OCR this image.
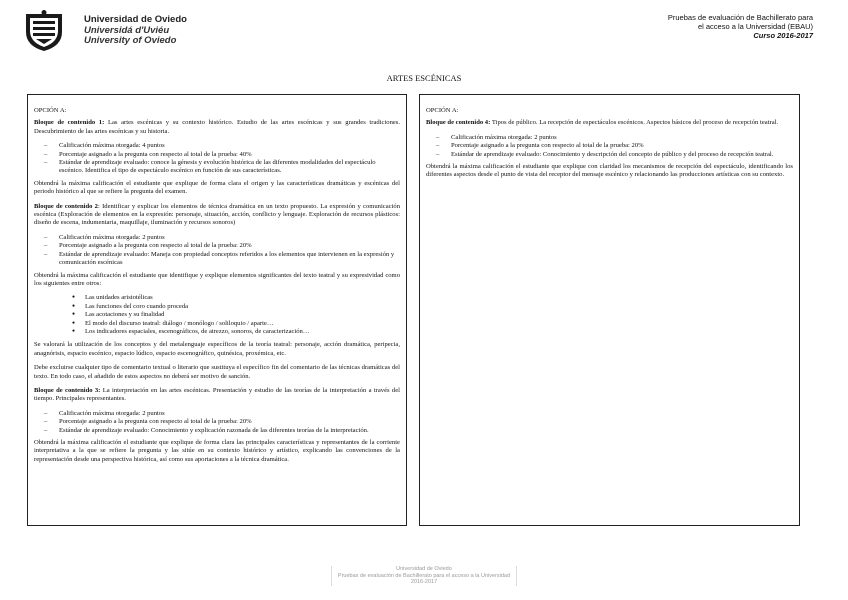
Universidad de Oviedo
Universidá d'Uviéu
University of Oviedo
Pruebas de evaluación de Bachillerato para
el acceso a la Universidad (EBAU)
Curso 2016-2017
ARTES ESCÉNICAS
OPCIÓN A:
Bloque de contenido 1: Las artes escénicas y su contexto histórico. Estudio de las artes escénicas y sus grandes tradiciones. Descubrimiento de las artes escénicas y su historia.
– Calificación máxima otorgada: 4 puntos
– Porcentaje asignado a la pregunta con respecto al total de la prueba: 40%
– Estándar de aprendizaje evaluado: conoce la génesis y evolución histórica de las diferentes modalidades del espectáculo escénico. Identifica el tipo de espectáculo escénico en función de sus características.
Obtendrá la máxima calificación el estudiante que explique de forma clara el origen y las características dramáticas y escénicas del periodo histórico al que se refiere la pregunta del examen.
Bloque de contenido 2: Identificar y explicar los elementos de técnica dramática en un texto propuesto. La expresión y comunicación escénica (Exploración de elementos en la expresión: personaje, situación, acción, conflicto y lenguaje. Exploración de recursos plásticos: diseño de escena, indumentaria, maquillaje, iluminación y recursos sonoros)
– Calificación máxima otorgada: 2 puntos
– Porcentaje asignado a la pregunta con respecto al total de la prueba: 20%
– Estándar de aprendizaje evaluado: Maneja con propiedad conceptos referidos a los elementos que intervienen en la expresión y comunicación escénicas
Obtendrá la máxima calificación el estudiante que identifique y explique elementos significantes del texto teatral y su expresividad como los siguientes entre otros:
● Las unidades aristotélicas
● Las funciones del coro cuando proceda
● Las acotaciones y su finalidad
● El modo del discurso teatral: diálogo / monólogo / soliloquio / aparte…
● Los indicadores espaciales, escenográficos, de atrezzo, sonoros, de caracterización…
Se valorará la utilización de los conceptos y del metalenguaje específicos de la teoría teatral: personaje, acción dramática, peripecia, anagnórisis, espacio escénico, espacio lúdico, espacio escenográfico, quinésica, proxémica, etc.
Debe excluirse cualquier tipo de comentario textual o literario que sustituya el específico fin del comentario de las técnicas dramáticas del texto. En todo caso, el añadido de estos aspectos no deberá ser motivo de sanción.
Bloque de contenido 3: La interpretación en las artes escénicas. Presentación y estudio de las teorías de la interpretación a través del tiempo. Principales representantes.
– Calificación máxima otorgada: 2 puntos
– Porcentaje asignado a la pregunta con respecto al total de la prueba: 20%
– Estándar de aprendizaje evaluado: Conocimiento y explicación razonada de las diferentes teorías de la interpretación.
Obtendrá la máxima calificación el estudiante que explique de forma clara las principales características y representantes de la corriente interpretativa a la que se refiere la pregunta y las sitúe en su contexto histórico y artístico, explicando las convenciones de la representación desde una perspectiva histórica, así como sus aportaciones a la técnica dramática.
OPCIÓN A:
Bloque de contenido 4: Tipos de público. La recepción de espectáculos escénicos. Aspectos básicos del proceso de recepción teatral.
– Calificación máxima otorgada: 2 puntos
– Porcentaje asignado a la pregunta con respecto al total de la prueba: 20%
– Estándar de aprendizaje evaluado: Conocimiento y descripción del concepto de público y del proceso de recepción teatral.
Obtendrá la máxima calificación el estudiante que explique con claridad los mecanismos de recepción del espectáculo, identificando los diferentes aspectos desde el punto de vista del receptor del mensaje escénico y relacionando las producciones artísticas con su contexto.
Universidad de Oviedo
Pruebas de evaluación de Bachillerato para el acceso a la Universidad
2016-2017
